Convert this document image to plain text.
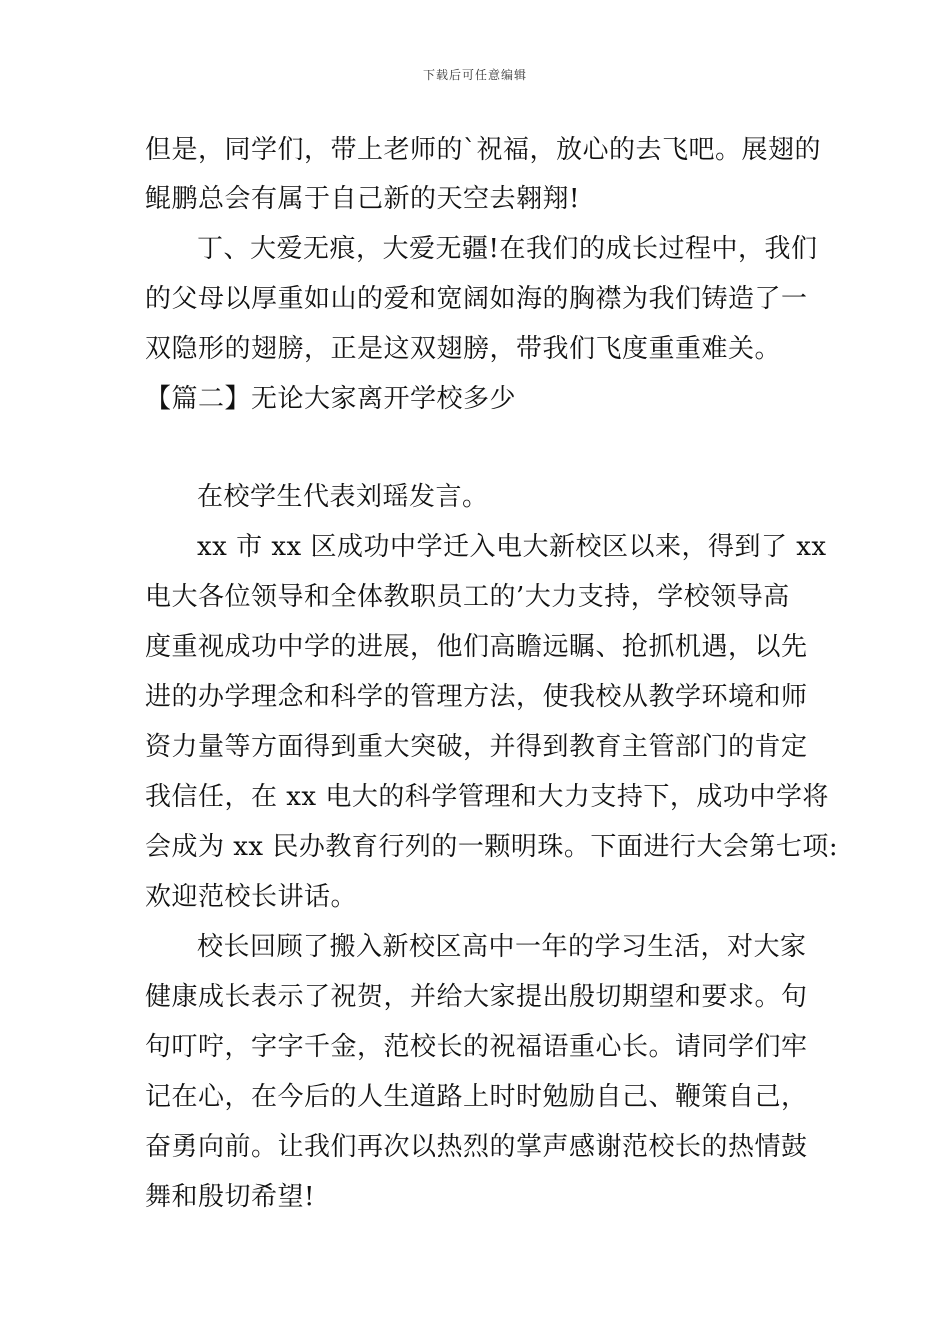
下载后可任意编辑
但是，同学们，带上老师的`祝福，放心的去飞吧。展翅的
鲲鹏总会有属于自己新的天空去翱翔!
丁、大爱无痕，大爱无疆!在我们的成长过程中，我们
的父母以厚重如山的爱和宽阔如海的胸襟为我们铸造了一
双隐形的翅膀，正是这双翅膀，带我们飞度重重难关。
【篇二】无论大家离开学校多少
在校学生代表刘瑶发言。
xx 市 xx 区成功中学迁入电大新校区以来，得到了 xx
电大各位领导和全体教职员工的’大力支持，学校领导高
度重视成功中学的进展，他们高瞻远瞩、抢抓机遇，以先
进的办学理念和科学的管理方法，使我校从教学环境和师
资力量等方面得到重大突破，并得到教育主管部门的肯定
我信任，在 xx 电大的科学管理和大力支持下，成功中学将
会成为 xx 民办教育行列的一颗明珠。下面进行大会第七项:
欢迎范校长讲话。
校长回顾了搬入新校区高中一年的学习生活，对大家
健康成长表示了祝贺，并给大家提出殷切期望和要求。句
句叮咛，字字千金，范校长的祝福语重心长。请同学们牢
记在心，在今后的人生道路上时时勉励自己、鞭策自己，
奋勇向前。让我们再次以热烈的掌声感谢范校长的热情鼓
舞和殷切希望!
